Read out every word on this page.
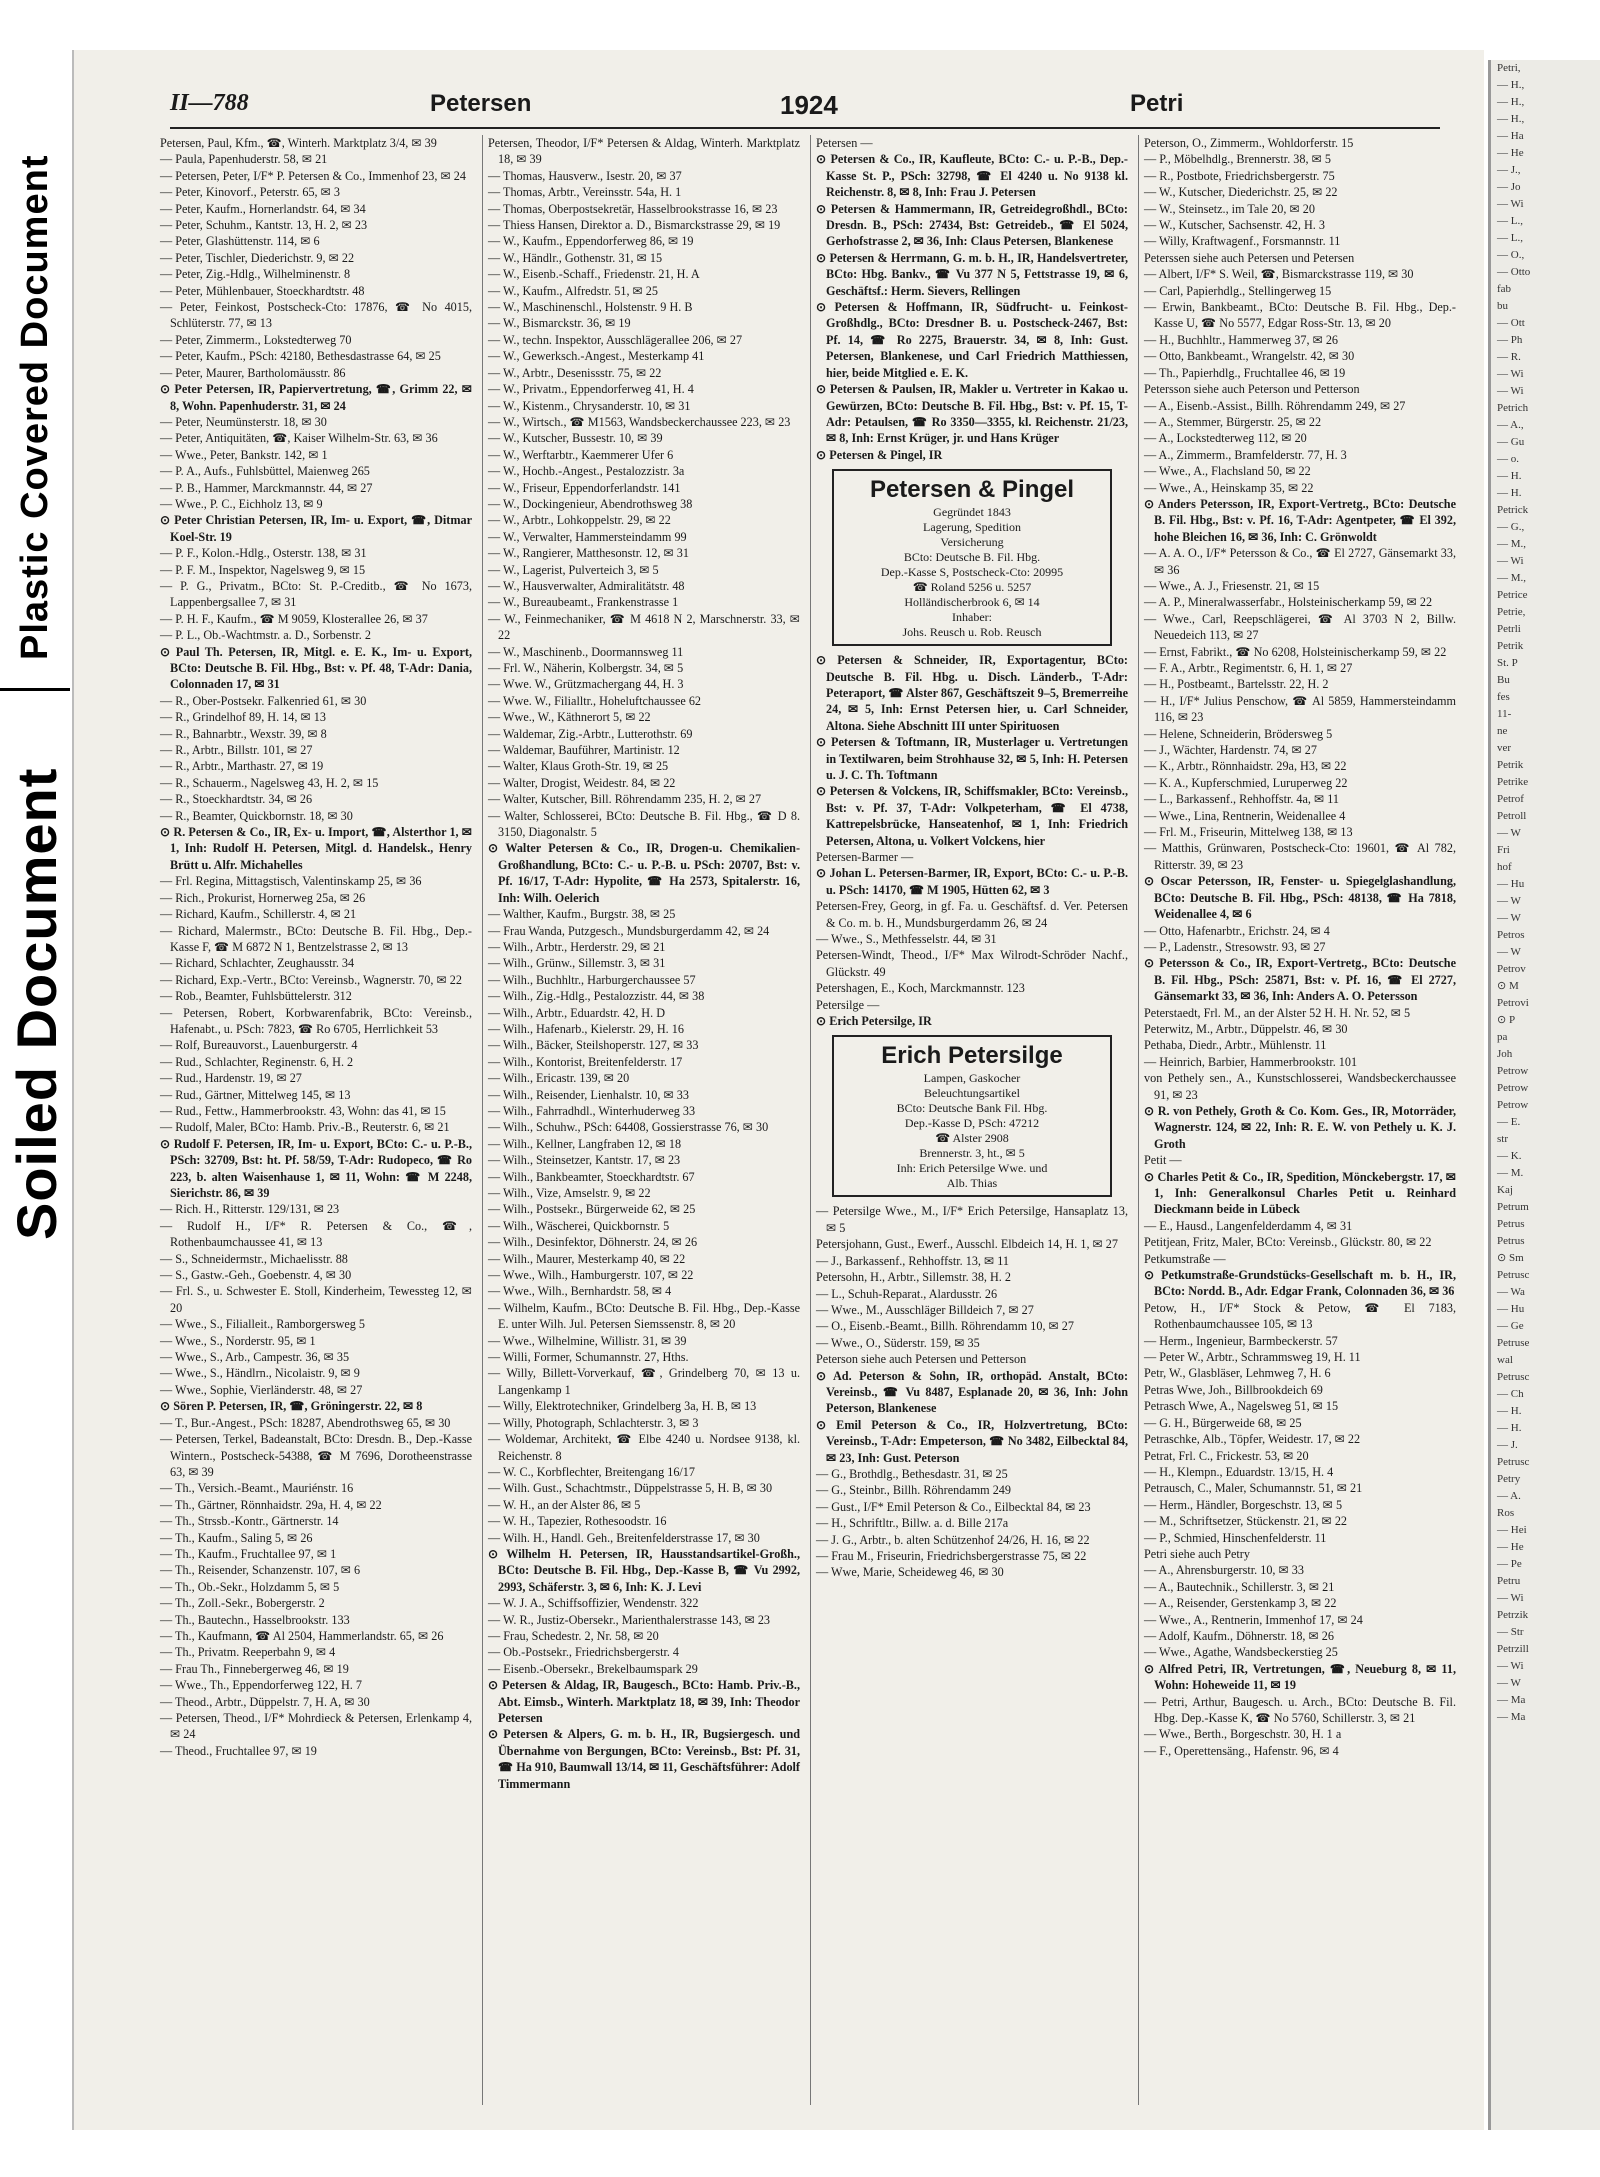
Plastic Covered Document
Soiled Document
Petri,
— H.,
— H.,
— H.,
— Ha
— He
— J.,
— Jo
— Wi
— L.,
— L.,
— O.,
— Otto
fab
bu
— Ott
— Ph
— R.
— Wi
— Wi
Petrich
— A.,
— Gu
— o.
— H.
— H.
Petrick
— G.,
— M.,
— Wi
— M.,
Petrice
Petrie,
Petrli
Petrik
St. P
Bu
fes
11-
ne
ver
Petrik
Petrike
Petrof
Petroll
— W
Fri
hof
— Hu
— W
— W
Petros
— W
Petrov
⊙ M
Petrovi
⊙ P
pa
Joh
Petrow
Petrow
Petrow
— E.
str
— K.
— M.
Kaj
Petrum
Petrus
Petrus
⊙ Sm
Petrusc
— Wa
— Hu
— Ge
Petruse
wal
Petrusc
— Ch
— H.
— H.
— J.
Petrusc
Petry
— A.
Ros
— Hei
— He
— Pe
Petru
— Wi
Petrzik
— Str
Petrzill
— Wi
— W
— Ma
— Ma
II—788	Petersen	1924	Petri

Petersen, Paul, Kfm., ☎, Winterh. Marktplatz 3/4, ✉ 39

— Paula, Papenhuderstr. 58, ✉ 21

— Petersen, Peter, I/F* P. Petersen & Co., Immenhof 23, ✉ 24

— Peter, Kinovorf., Peterstr. 65, ✉ 3

— Peter, Kaufm., Hornerlandstr. 64, ✉ 34

— Peter, Schuhm., Kantstr. 13, H. 2, ✉ 23

— Peter, Glashüttenstr. 114, ✉ 6

— Peter, Tischler, Diederichstr. 9, ✉ 22

— Peter, Zig.-Hdlg., Wilhelminenstr. 8

— Peter, Mühlenbauer, Stoeckhardtstr. 48

— Peter, Feinkost, Postscheck-Cto: 17876, ☎ No 4015, Schlüterstr. 77, ✉ 13

— Peter, Zimmerm., Lokstedterweg 70

— Peter, Kaufm., PSch: 42180, Bethesdastrasse 64, ✉ 25

— Peter, Maurer, Bartholomäusstr. 86

⊙ Peter Petersen, IR, Papiervertretung, ☎, Grimm 22, ✉ 8, Wohn. Papenhuderstr. 31, ✉ 24

— Peter, Neumünsterstr. 18, ✉ 30

— Peter, Antiquitäten, ☎, Kaiser Wilhelm-Str. 63, ✉ 36

— Wwe., Peter, Bankstr. 142, ✉ 1

— P. A., Aufs., Fuhlsbüttel, Maienweg 265

— P. B., Hammer, Marckmannstr. 44, ✉ 27

— Wwe., P. C., Eichholz 13, ✉ 9

⊙ Peter Christian Petersen, IR, Im- u. Export, ☎, Ditmar Koel-Str. 19

— P. F., Kolon.-Hdlg., Osterstr. 138, ✉ 31

— P. F. M., Inspektor, Nagelsweg 9, ✉ 15

— P. G., Privatm., BCto: St. P.-Creditb., ☎ No 1673, Lappenbergsallee 7, ✉ 31

— P. H. F., Kaufm., ☎ M 9059, Klosterallee 26, ✉ 37

— P. L., Ob.-Wachtmstr. a. D., Sorbenstr. 2

⊙ Paul Th. Petersen, IR, Mitgl. e. E. K., Im- u. Export, BCto: Deutsche B. Fil. Hbg., Bst: v. Pf. 48, T-Adr: Dania, Colonnaden 17, ✉ 31

— R., Ober-Postsekr. Falkenried 61, ✉ 30

— R., Grindelhof 89, H. 14, ✉ 13

— R., Bahnarbtr., Wexstr. 39, ✉ 8

— R., Arbtr., Billstr. 101, ✉ 27

— R., Arbtr., Marthastr. 27, ✉ 19

— R., Schauerm., Nagelsweg 43, H. 2, ✉ 15

— R., Stoeckhardtstr. 34, ✉ 26

— R., Beamter, Quickbornstr. 18, ✉ 30

⊙ R. Petersen & Co., IR, Ex- u. Import, ☎, Alsterthor 1, ✉ 1, Inh: Rudolf H. Petersen, Mitgl. d. Handelsk., Henry Brütt u. Alfr. Michahelles

— Frl. Regina, Mittagstisch, Valentinskamp 25, ✉ 36

— Rich., Prokurist, Hornerweg 25a, ✉ 26

— Richard, Kaufm., Schillerstr. 4, ✉ 21

— Richard, Malermstr., BCto: Deutsche B. Fil. Hbg., Dep.-Kasse F, ☎ M 6872 N 1, Bentzelstrasse 2, ✉ 13

— Richard, Schlachter, Zeughausstr. 34

— Richard, Exp.-Vertr., BCto: Vereinsb., Wagnerstr. 70, ✉ 22

— Rob., Beamter, Fuhlsbüttelerstr. 312

— Petersen, Robert, Korbwarenfabrik, BCto: Vereinsb., Hafenabt., u. PSch: 7823, ☎ Ro 6705, Herrlichkeit 53

— Rolf, Bureauvorst., Lauenburgerstr. 4

— Rud., Schlachter, Reginenstr. 6, H. 2

— Rud., Hardenstr. 19, ✉ 27

— Rud., Gärtner, Mittelweg 145, ✉ 13

— Rud., Fettw., Hammerbrookstr. 43, Wohn: das 41, ✉ 15

— Rudolf, Maler, BCto: Hamb. Priv.-B., Reuterstr. 6, ✉ 21

⊙ Rudolf F. Petersen, IR, Im- u. Export, BCto: C.- u. P.-B., PSch: 32709, Bst: ht. Pf. 58/59, T-Adr: Rudopeco, ☎ Ro 223, b. alten Waisenhause 1, ✉ 11, Wohn: ☎ M 2248, Sierichstr. 86, ✉ 39

— Rich. H., Ritterstr. 129/131, ✉ 23

— Rudolf H., I/F* R. Petersen & Co., ☎, Rothenbaumchaussee 41, ✉ 13

— S., Schneidermstr., Michaelisstr. 88

— S., Gastw.-Geh., Goebenstr. 4, ✉ 30

— Frl. S., u. Schwester E. Stoll, Kinderheim, Tewessteg 12, ✉ 20

— Wwe., S., Filialleit., Ramborgersweg 5

— Wwe., S., Norderstr. 95, ✉ 1

— Wwe., S., Arb., Campestr. 36, ✉ 35

— Wwe., S., Händlrn., Nicolaistr. 9, ✉ 9

— Wwe., Sophie, Vierländerstr. 48, ✉ 27

⊙ Sören P. Petersen, IR, ☎, Gröningerstr. 22, ✉ 8

— T., Bur.-Angest., PSch: 18287, Abendrothsweg 65, ✉ 30

— Petersen, Terkel, Badeanstalt, BCto: Dresdn. B., Dep.-Kasse Wintern., Postscheck-54388, ☎ M 7696, Dorotheenstrasse 63, ✉ 39

— Th., Versich.-Beamt., Mauriénstr. 16

— Th., Gärtner, Rönnhaidstr. 29a, H. 4, ✉ 22

— Th., Strssb.-Kontr., Gärtnerstr. 14

— Th., Kaufm., Saling 5, ✉ 26

— Th., Kaufm., Fruchtallee 97, ✉ 1

— Th., Reisender, Schanzenstr. 107, ✉ 6

— Th., Ob.-Sekr., Holzdamm 5, ✉ 5

— Th., Zoll.-Sekr., Bobergerstr. 2

— Th., Bautechn., Hasselbrookstr. 133

— Th., Kaufmann, ☎ Al 2504, Hammerlandstr. 65, ✉ 26

— Th., Privatm. Reeperbahn 9, ✉ 4

— Frau Th., Finnebergerweg 46, ✉ 19

— Wwe., Th., Eppendorferweg 122, H. 7

— Theod., Arbtr., Düppelstr. 7, H. A, ✉ 30

— Petersen, Theod., I/F* Mohrdieck & Petersen, Erlenkamp 4, ✉ 24

— Theod., Fruchtallee 97, ✉ 19

Petersen, Theodor, I/F* Petersen & Aldag, Winterh. Marktplatz 18, ✉ 39

— Thomas, Hausverw., Isestr. 20, ✉ 37

— Thomas, Arbtr., Vereinsstr. 54a, H. 1

— Thomas, Oberpostsekretär, Hasselbrookstrasse 16, ✉ 23

— Thiess Hansen, Direktor a. D., Bismarckstrasse 29, ✉ 19

— W., Kaufm., Eppendorferweg 86, ✉ 19

— W., Händlr., Gothenstr. 31, ✉ 15

— W., Eisenb.-Schaff., Friedenstr. 21, H. A

— W., Kaufm., Alfredstr. 51, ✉ 25

— W., Maschinenschl., Holstenstr. 9 H. B

— W., Bismarckstr. 36, ✉ 19

— W., techn. Inspektor, Ausschlägerallee 206, ✉ 27

— W., Gewerksch.-Angest., Mesterkamp 41

— W., Arbtr., Desenissstr. 75, ✉ 22

— W., Privatm., Eppendorferweg 41, H. 4

— W., Kistenm., Chrysanderstr. 10, ✉ 31

— W., Wirtsch., ☎ M1563, Wandsbeckerchaussee 223, ✉ 23

— W., Kutscher, Bussestr. 10, ✉ 39

— W., Werftarbtr., Kaemmerer Ufer 6

— W., Hochb.-Angest., Pestalozzistr. 3a

— W., Friseur, Eppendorferlandstr. 141

— W., Dockingenieur, Abendrothsweg 38

— W., Arbtr., Lohkoppelstr. 29, ✉ 22

— W., Verwalter, Hammersteindamm 99

— W., Rangierer, Matthesonstr. 12, ✉ 31

— W., Lagerist, Pulverteich 3, ✉ 5

— W., Hausverwalter, Admiralitätstr. 48

— W., Bureaubeamt., Frankenstrasse 1

— W., Feinmechaniker, ☎ M 4618 N 2, Marschnerstr. 33, ✉ 22

— W., Maschinenb., Doormannsweg 11

— Frl. W., Näherin, Kolbergstr. 34, ✉ 5

— Wwe. W., Grützmachergang 44, H. 3

— Wwe. W., Filialltr., Hoheluftchaussee 62

— Wwe., W., Käthnerort 5, ✉ 22

— Waldemar, Zig.-Arbtr., Lutterothstr. 69

— Waldemar, Bauführer, Martinistr. 12

— Walter, Klaus Groth-Str. 19, ✉ 25

— Walter, Drogist, Weidestr. 84, ✉ 22

— Walter, Kutscher, Bill. Röhrendamm 235, H. 2, ✉ 27

— Walter, Schlosserei, BCto: Deutsche B. Fil. Hbg., ☎ D 8. 3150, Diagonalstr. 5

⊙ Walter Petersen & Co., IR, Drogen-u. Chemikalien-Großhandlung, BCto: C.- u. P.-B. u. PSch: 20707, Bst: v. Pf. 16/17, T-Adr: Hypolite, ☎ Ha 2573, Spitalerstr. 16, Inh: Wilh. Oelerich

— Walther, Kaufm., Burgstr. 38, ✉ 25

— Frau Wanda, Putzgesch., Mundsburgerdamm 42, ✉ 24

— Wilh., Arbtr., Herderstr. 29, ✉ 21

— Wilh., Grünw., Sillemstr. 3, ✉ 31

— Wilh., Buchhltr., Harburgerchaussee 57

— Wilh., Zig.-Hdlg., Pestalozzistr. 44, ✉ 38

— Wilh., Arbtr., Eduardstr. 42, H. D

— Wilh., Hafenarb., Kielerstr. 29, H. 16

— Wilh., Bäcker, Steilshoperstr. 127, ✉ 33

— Wilh., Kontorist, Breitenfelderstr. 17

— Wilh., Ericastr. 139, ✉ 20

— Wilh., Reisender, Lienhalstr. 10, ✉ 33

— Wilh., Fahrradhdl., Winterhuderweg 33

— Wilh., Schuhw., PSch: 64408, Gossierstrasse 76, ✉ 30

— Wilh., Kellner, Langfraben 12, ✉ 18

— Wilh., Steinsetzer, Kantstr. 17, ✉ 23

— Wilh., Bankbeamter, Stoeckhardtstr. 67

— Wilh., Vize, Amselstr. 9, ✉ 22

— Wilh., Postsekr., Bürgerweide 62, ✉ 25

— Wilh., Wäscherei, Quickbornstr. 5

— Wilh., Desinfektor, Döhnerstr. 24, ✉ 26

— Wilh., Maurer, Mesterkamp 40, ✉ 22

— Wwe., Wilh., Hamburgerstr. 107, ✉ 22

— Wwe., Wilh., Bernhardstr. 58, ✉ 4

— Wilhelm, Kaufm., BCto: Deutsche B. Fil. Hbg., Dep.-Kasse E. unter Wilh. Jul. Petersen Siemssenstr. 8, ✉ 20

— Wwe., Wilhelmine, Willistr. 31, ✉ 39

— Willi, Former, Schumannstr. 27, Hths.

— Willy, Billett-Vorverkauf, ☎, Grindelberg 70, ✉ 13 u. Langenkamp 1

— Willy, Elektrotechniker, Grindelberg 3a, H. B, ✉ 13

— Willy, Photograph, Schlachterstr. 3, ✉ 3

— Woldemar, Architekt, ☎ Elbe 4240 u. Nordsee 9138, kl. Reichenstr. 8

— W. C., Korbflechter, Breitengang 16/17

— Wilh. Gust., Schachtmstr., Düppelstrasse 5, H. B, ✉ 30

— W. H., an der Alster 86, ✉ 5

— W. H., Tapezier, Rothesoodstr. 16

— Wilh. H., Handl. Geh., Breitenfelderstrasse 17, ✉ 30

⊙ Wilhelm H. Petersen, IR, Hausstandsartikel-Großh., BCto: Deutsche B. Fil. Hbg., Dep.-Kasse B, ☎ Vu 2992, 2993, Schäferstr. 3, ✉ 6, Inh: K. J. Levi

— W. J. A., Schiffsoffizier, Wendenstr. 322

— W. R., Justiz-Obersekr., Marienthalerstrasse 143, ✉ 23

— Frau, Schedestr. 2, Nr. 58, ✉ 20

— Ob.-Postsekr., Friedrichsbergerstr. 4

— Eisenb.-Obersekr., Brekelbaumspark 29

⊙ Petersen & Aldag, IR, Baugesch., BCto: Hamb. Priv.-B., Abt. Eimsb., Winterh. Marktplatz 18, ✉ 39, Inh: Theodor Petersen

⊙ Petersen & Alpers, G. m. b. H., IR, Bugsiergesch. und Übernahme von Bergungen, BCto: Vereinsb., Bst: Pf. 31, ☎ Ha 910, Baumwall 13/14, ✉ 11, Geschäftsführer: Adolf Timmermann

Petersen —

⊙ Petersen & Co., IR, Kaufleute, BCto: C.- u. P.-B., Dep.-Kasse St. P., PSch: 32798, ☎ El 4240 u. No 9138 kl. Reichenstr. 8, ✉ 8, Inh: Frau J. Petersen

⊙ Petersen & Hammermann, IR, Getreidegroßhdl., BCto: Dresdn. B., PSch: 27434, Bst: Getreideb., ☎ El 5024, Gerhofstrasse 2, ✉ 36, Inh: Claus Petersen, Blankenese

⊙ Petersen & Herrmann, G. m. b. H., IR, Handelsvertreter, BCto: Hbg. Bankv., ☎ Vu 377 N 5, Fettstrasse 19, ✉ 6, Geschäftsf.: Herm. Sievers, Rellingen

⊙ Petersen & Hoffmann, IR, Südfrucht- u. Feinkost-Großhdlg., BCto: Dresdner B. u. Postscheck-2467, Bst: Pf. 14, ☎ Ro 2275, Brauerstr. 34, ✉ 8, Inh: Gust. Petersen, Blankenese, und Carl Friedrich Matthiessen, hier, beide Mitglied e. E. K.

⊙ Petersen & Paulsen, IR, Makler u. Vertreter in Kakao u. Gewürzen, BCto: Deutsche B. Fil. Hbg., Bst: v. Pf. 15, T-Adr: Petaulsen, ☎ Ro 3350—3355, kl. Reichenstr. 21/23, ✉ 8, Inh: Ernst Krüger, jr. und Hans Krüger

⊙ Petersen & Pingel, IR

Petersen & Pingel
Gegründet 1843
Lagerung, Spedition
Versicherung
BCto: Deutsche B. Fil. Hbg.
Dep.-Kasse S, Postscheck-Cto: 20995
☎ Roland 5256 u. 5257
Holländischerbrook 6, ✉ 14
Inhaber:
Johs. Reusch u. Rob. Reusch

⊙ Petersen & Schneider, IR, Exportagentur, BCto: Deutsche B. Fil. Hbg. u. Disch. Länderb., T-Adr: Peteraport, ☎ Alster 867, Geschäftszeit 9–5, Bremerreihe 24, ✉ 5, Inh: Ernst Petersen hier, u. Carl Schneider, Altona. Siehe Abschnitt III unter Spirituosen

⊙ Petersen & Toftmann, IR, Musterlager u. Vertretungen in Textilwaren, beim Strohhause 32, ✉ 5, Inh: H. Petersen u. J. C. Th. Toftmann

⊙ Petersen & Volckens, IR, Schiffsmakler, BCto: Vereinsb., Bst: v. Pf. 37, T-Adr: Volkpeterham, ☎ El 4738, Kattrepelsbrücke, Hanseatenhof, ✉ 1, Inh: Friedrich Petersen, Altona, u. Volkert Volckens, hier

Petersen-Barmer —

⊙ Johan L. Petersen-Barmer, IR, Export, BCto: C.- u. P.-B. u. PSch: 14170, ☎ M 1905, Hütten 62, ✉ 3

Petersen-Frey, Georg, in gf. Fa. u. Geschäftsf. d. Ver. Petersen & Co. m. b. H., Mundsburgerdamm 26, ✉ 24

— Wwe., S., Methfesselstr. 44, ✉ 31

Petersen-Windt, Theod., I/F* Max Wilrodt-Schröder Nachf., Glückstr. 49

Petershagen, E., Koch, Marckmannstr. 123

Petersilge —

⊙ Erich Petersilge, IR

Erich Petersilge
Lampen, Gaskocher
Beleuchtungsartikel
BCto: Deutsche Bank Fil. Hbg.
Dep.-Kasse D, PSch: 47212
☎ Alster 2908
Brennerstr. 3, ht., ✉ 5
Inh: Erich Petersilge Wwe. und
Alb. Thias

— Petersilge Wwe., M., I/F* Erich Petersilge, Hansaplatz 13, ✉ 5

Petersjohann, Gust., Ewerf., Ausschl. Elbdeich 14, H. 1, ✉ 27

— J., Barkassenf., Rehhoffstr. 13, ✉ 11

Petersohn, H., Arbtr., Sillemstr. 38, H. 2

— L., Schuh-Reparat., Alardusstr. 26

— Wwe., M., Ausschläger Billdeich 7, ✉ 27

— O., Eisenb.-Beamt., Billh. Röhrendamm 10, ✉ 27

— Wwe., O., Süderstr. 159, ✉ 35

Peterson siehe auch Petersen und Petterson

⊙ Ad. Peterson & Sohn, IR, orthopäd. Anstalt, BCto: Vereinsb., ☎ Vu 8487, Esplanade 20, ✉ 36, Inh: John Peterson, Blankenese

⊙ Emil Peterson & Co., IR, Holzvertretung, BCto: Vereinsb., T-Adr: Empeterson, ☎ No 3482, Eilbecktal 84, ✉ 23, Inh: Gust. Peterson

— G., Brothdlg., Bethesdastr. 31, ✉ 25

— G., Steinbr., Billh. Röhrendamm 249

— Gust., I/F* Emil Peterson & Co., Eilbecktal 84, ✉ 23

— H., Schriftltr., Billw. a. d. Bille 217a

— J. G., Arbtr., b. alten Schützenhof 24/26, H. 16, ✉ 22

— Frau M., Friseurin, Friedrichsbergerstrasse 75, ✉ 22

— Wwe, Marie, Scheideweg 46, ✉ 30

Peterson, O., Zimmerm., Wohldorferstr. 15

— P., Möbelhdlg., Brennerstr. 38, ✉ 5

— R., Postbote, Friedrichsbergerstr. 75

— W., Kutscher, Diederichstr. 25, ✉ 22

— W., Steinsetz., im Tale 20, ✉ 20

— W., Kutscher, Sachsenstr. 42, H. 3

— Willy, Kraftwagenf., Forsmannstr. 11

Peterssen siehe auch Petersen und Petersen

— Albert, I/F* S. Weil, ☎, Bismarckstrasse 119, ✉ 30

— Carl, Papierhdlg., Stellingerweg 15

— Erwin, Bankbeamt., BCto: Deutsche B. Fil. Hbg., Dep.-Kasse U, ☎ No 5577, Edgar Ross-Str. 13, ✉ 20

— H., Buchhltr., Hammerweg 37, ✉ 26

— Otto, Bankbeamt., Wrangelstr. 42, ✉ 30

— Th., Papierhdlg., Fruchtallee 46, ✉ 19

Petersson siehe auch Peterson und Petterson

— A., Eisenb.-Assist., Billh. Röhrendamm 249, ✉ 27

— A., Stemmer, Bürgerstr. 25, ✉ 22

— A., Lockstedterweg 112, ✉ 20

— A., Zimmerm., Bramfelderstr. 77, H. 3

— Wwe., A., Flachsland 50, ✉ 22

— Wwe., A., Heinskamp 35, ✉ 22

⊙ Anders Petersson, IR, Export-Vertretg., BCto: Deutsche B. Fil. Hbg., Bst: v. Pf. 16, T-Adr: Agentpeter, ☎ El 392, hohe Bleichen 16, ✉ 36, Inh: C. Grönwoldt

— A. A. O., I/F* Petersson & Co., ☎ El 2727, Gänsemarkt 33, ✉ 36

— Wwe., A. J., Friesenstr. 21, ✉ 15

— A. P., Mineralwasserfabr., Holsteinischerkamp 59, ✉ 22

— Wwe., Carl, Reepschlägerei, ☎ Al 3703 N 2, Billw. Neuedeich 113, ✉ 27

— Ernst, Fabrikt., ☎ No 6208, Holsteinischerkamp 59, ✉ 22

— F. A., Arbtr., Regimentstr. 6, H. 1, ✉ 27

— H., Postbeamt., Bartelsstr. 22, H. 2

— H., I/F* Julius Penschow, ☎ Al 5859, Hammersteindamm 116, ✉ 23

— Helene, Schneiderin, Brödersweg 5

— J., Wächter, Hardenstr. 74, ✉ 27

— K., Arbtr., Rönnhaidstr. 29a, H3, ✉ 22

— K. A., Kupferschmied, Luruperweg 22

— L., Barkassenf., Rehhoffstr. 4a, ✉ 11

— Wwe., Lina, Rentnerin, Weidenallee 4

— Frl. M., Friseurin, Mittelweg 138, ✉ 13

— Matthis, Grünwaren, Postscheck-Cto: 19601, ☎ Al 782, Ritterstr. 39, ✉ 23

⊙ Oscar Petersson, IR, Fenster- u. Spiegelglashandlung, BCto: Deutsche B. Fil. Hbg., PSch: 48138, ☎ Ha 7818, Weidenallee 4, ✉ 6

— Otto, Hafenarbtr., Erichstr. 24, ✉ 4

— P., Ladenstr., Stresowstr. 93, ✉ 27

⊙ Petersson & Co., IR, Export-Vertretg., BCto: Deutsche B. Fil. Hbg., PSch: 25871, Bst: v. Pf. 16, ☎ El 2727, Gänsemarkt 33, ✉ 36, Inh: Anders A. O. Petersson

Peterstaedt, Frl. M., an der Alster 52 H. H. Nr. 52, ✉ 5

Peterwitz, M., Arbtr., Düppelstr. 46, ✉ 30

Pethaba, Diedr., Arbtr., Mühlenstr. 11

— Heinrich, Barbier, Hammerbrookstr. 101

von Pethely sen., A., Kunstschlosserei, Wandsbeckerchaussee 91, ✉ 23

⊙ R. von Pethely, Groth & Co. Kom. Ges., IR, Motorräder, Wagnerstr. 124, ✉ 22, Inh: R. E. W. von Pethely u. K. J. Groth

Petit —

⊙ Charles Petit & Co., IR, Spedition, Mönckebergstr. 17, ✉ 1, Inh: Generalkonsul Charles Petit u. Reinhard Dieckmann beide in Lübeck

— E., Hausd., Langenfelderdamm 4, ✉ 31

Petitjean, Fritz, Maler, BCto: Vereinsb., Glückstr. 80, ✉ 22

Petkumstraße —

⊙ Petkumstraße-Grundstücks-Gesellschaft m. b. H., IR, BCto: Nordd. B., Adr. Edgar Frank, Colonnaden 36, ✉ 36

Petow, H., I/F* Stock & Petow, ☎ El 7183, Rothenbaumchaussee 105, ✉ 13

— Herm., Ingenieur, Barmbeckerstr. 57

— Peter W., Arbtr., Schrammsweg 19, H. 11

Petr, W., Glasbläser, Lehmweg 7, H. 6

Petras Wwe, Joh., Billbrookdeich 69

Petrasch Wwe, A., Nagelsweg 51, ✉ 15

— G. H., Bürgerweide 68, ✉ 25

Petraschke, Alb., Töpfer, Weidestr. 17, ✉ 22

Petrat, Frl. C., Frickestr. 53, ✉ 20

— H., Klempn., Eduardstr. 13/15, H. 4

Petrausch, C., Maler, Schumannstr. 51, ✉ 21

— Herm., Händler, Borgeschstr. 13, ✉ 5

— M., Schriftsetzer, Stückenstr. 21, ✉ 22

— P., Schmied, Hinschenfelderstr. 11

Petri siehe auch Petry

— A., Ahrensburgerstr. 10, ✉ 33

— A., Bautechnik., Schillerstr. 3, ✉ 21

— A., Reisender, Gerstenkamp 3, ✉ 22

— Wwe., A., Rentnerin, Immenhof 17, ✉ 24

— Adolf, Kaufm., Döhnerstr. 18, ✉ 26

— Wwe., Agathe, Wandsbeckerstieg 25

⊙ Alfred Petri, IR, Vertretungen, ☎, Neueburg 8, ✉ 11, Wohn: Hoheweide 11, ✉ 19

— Petri, Arthur, Baugesch. u. Arch., BCto: Deutsche B. Fil. Hbg. Dep.-Kasse K, ☎ No 5760, Schillerstr. 3, ✉ 21

— Wwe., Berth., Borgeschstr. 30, H. 1 a

— F., Operettensäng., Hafenstr. 96, ✉ 4
